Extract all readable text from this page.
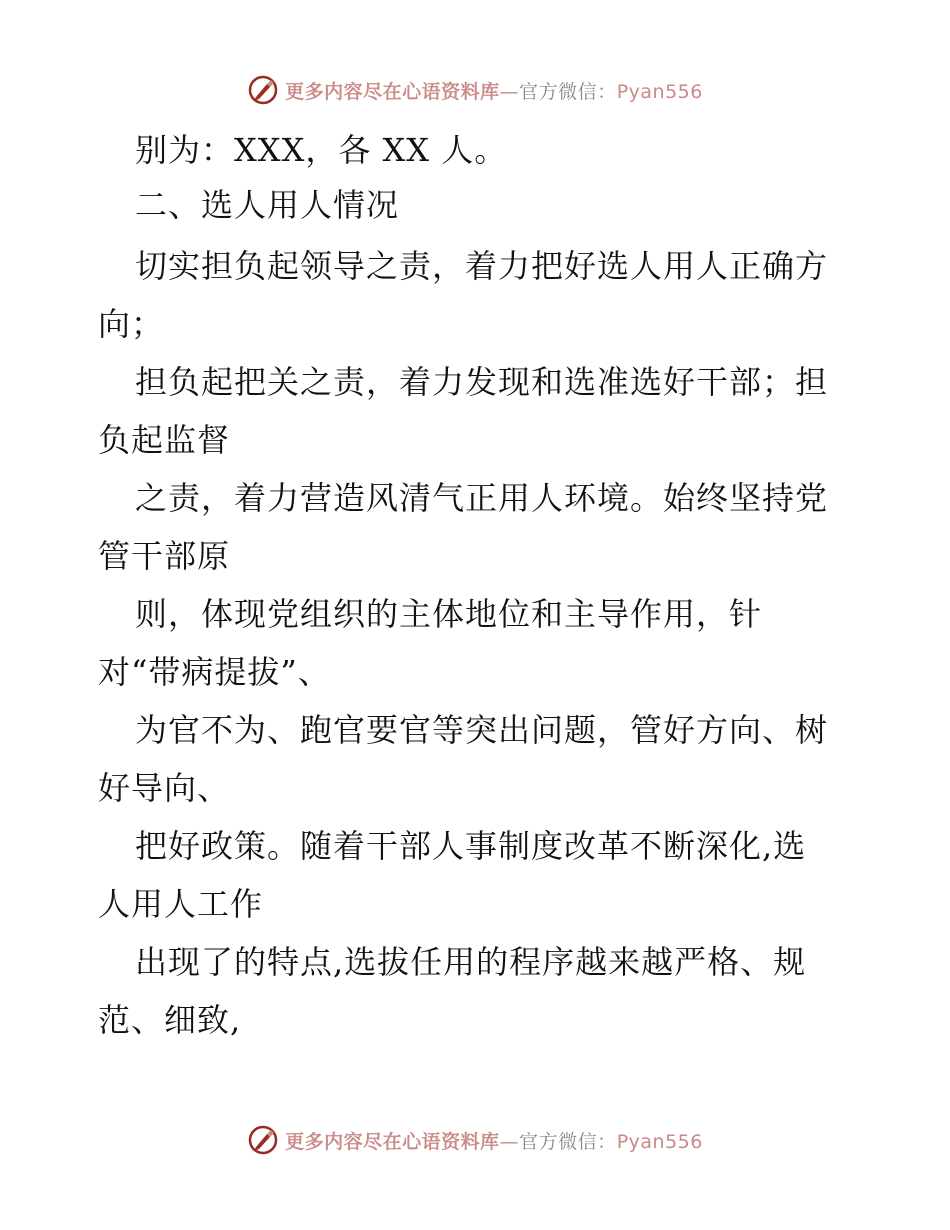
更多内容尽在心语资料库—官方微信：Pyan556
别为：XXX，各 XX 人。
二、选人用人情况
切实担负起领导之责，着力把好选人用人正确方
向；
担负起把关之责，着力发现和选准选好干部；担
负起监督
之责，着力营造风清气正用人环境。始终坚持党
管干部原
则，体现党组织的主体地位和主导作用，针
对“带病提拔”、
为官不为、跑官要官等突出问题，管好方向、树
好导向、
把好政策。随着干部人事制度改革不断深化,选
人用人工作
出现了的特点,选拔任用的程序越来越严格、规
范、细致,
更多内容尽在心语资料库—官方微信：Pyan556
